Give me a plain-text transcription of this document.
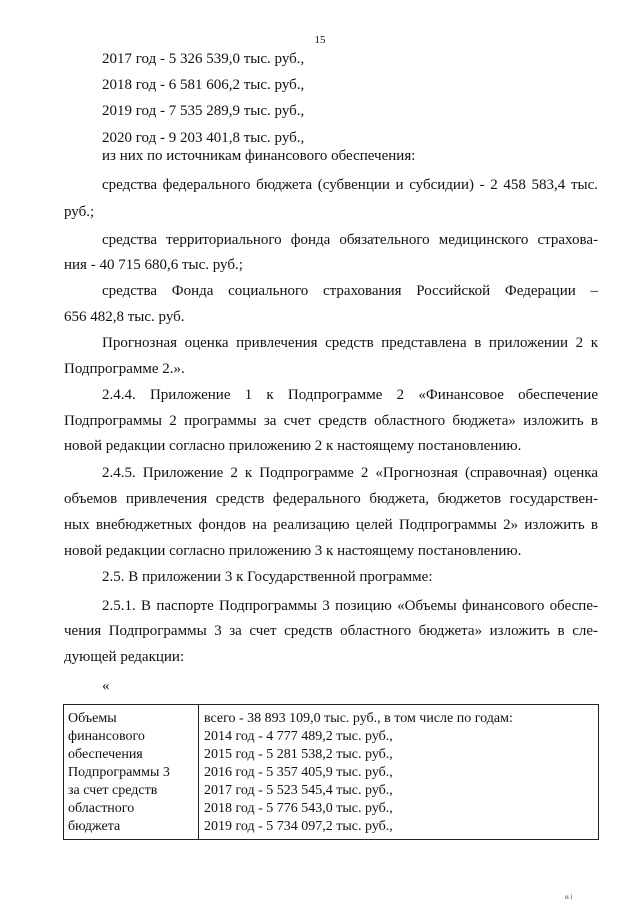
15
2017 год - 5 326 539,0 тыс. руб.,
2018 год - 6 581 606,2 тыс. руб.,
2019 год - 7 535 289,9 тыс. руб.,
2020 год - 9 203 401,8 тыс. руб.,
из них по источникам финансового обеспечения:
средства федерального бюджета (субвенции и субсидии) - 2 458 583,4 тыс.
руб.;
средства территориального фонда обязательного медицинского страхова-
ния - 40 715 680,6 тыс. руб.;
средства Фонда социального страхования Российской Федерации –
656 482,8 тыс. руб.
Прогнозная оценка привлечения средств представлена в приложении 2 к
Подпрограмме 2.».
2.4.4. Приложение 1 к Подпрограмме 2 «Финансовое обеспечение
Подпрограммы 2 программы за счет средств областного бюджета» изложить в
новой редакции согласно приложению 2 к настоящему постановлению.
2.4.5. Приложение 2 к Подпрограмме 2 «Прогнозная (справочная) оценка
объемов привлечения средств федерального бюджета, бюджетов государствен-
ных внебюджетных фондов на реализацию целей Подпрограммы 2» изложить в
новой редакции согласно приложению 3 к настоящему постановлению.
2.5. В приложении 3 к Государственной программе:
2.5.1. В паспорте Подпрограммы 3 позицию «Объемы финансового обеспе-
чения Подпрограммы 3 за счет средств областного бюджета» изложить в сле-
дующей редакции:
«
Объемы
финансового
обеспечения
Подпрограммы 3
за счет средств
областного
бюджета
всего - 38 893 109,0 тыс. руб., в том числе по годам:
2014 год - 4 777 489,2 тыс. руб.,
2015 год - 5 281 538,2 тыс. руб.,
2016 год - 5 357 405,9 тыс. руб.,
2017 год - 5 523 545,4 тыс. руб.,
2018 год - 5 776 543,0 тыс. руб.,
2019 год - 5 734 097,2 тыс. руб.,
и і
